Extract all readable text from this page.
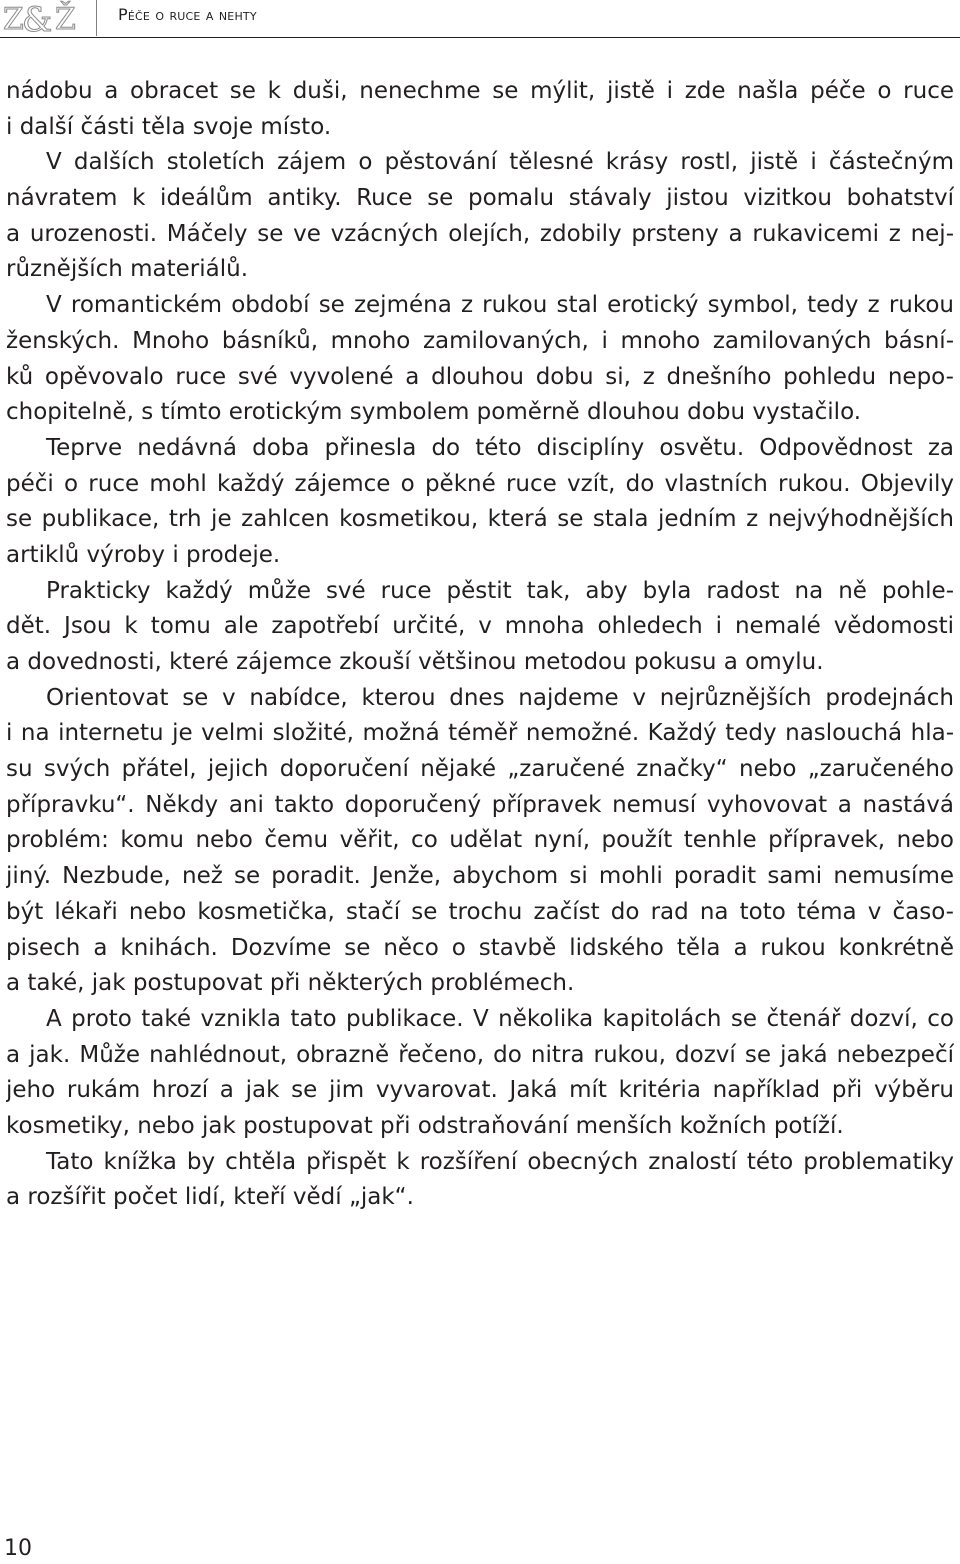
Z
& Ž	Péče o ruce a nehty
nádobu a obracet se k duši, nenechme se mýlit, jistě i zde našla péče o ruce
i další části těla svoje místo.
V dalších stoletích zájem o pěstování tělesné krásy rostl, jistě i částečným
návratem k ideálům antiky. Ruce se pomalu stávaly jistou vizitkou bohatství
a urozenosti. Máčely se ve vzácných olejích, zdobily prsteny a rukavicemi z nej-
různějších materiálů.
V romantickém období se zejména z rukou stal erotický symbol, tedy z rukou
ženských. Mnoho básníků, mnoho zamilovaných, i mnoho zamilovaných básní-
ků opěvovalo ruce své vyvolené a dlouhou dobu si, z dnešního pohledu nepo-
chopitelně, s tímto erotickým symbolem poměrně dlouhou dobu vystačilo.
Teprve nedávná doba přinesla do této disciplíny osvětu. Odpovědnost za
péči o ruce mohl každý zájemce o pěkné ruce vzít, do vlastních rukou. Objevily
se publikace, trh je zahlcen kosmetikou, která se stala jedním z nejvýhodnějších
artiklů výroby i prodeje.
Prakticky každý může své ruce pěstit tak, aby byla radost na ně pohle-
dět. Jsou k tomu ale zapotřebí určité, v mnoha ohledech i nemalé vědomosti
a dovednosti, které zájemce zkouší většinou metodou pokusu a omylu.
Orientovat se v nabídce, kterou dnes najdeme v nejrůznějších prodejnách
i na internetu je velmi složité, možná téměř nemožné. Každý tedy naslouchá hla-
su svých přátel, jejich doporučení nějaké „zaručené značky“ nebo „zaručeného
přípravku“. Někdy ani takto doporučený přípravek nemusí vyhovovat a nastává
problém: komu nebo čemu věřit, co udělat nyní, použít tenhle přípravek, nebo
jiný. Nezbude, než se poradit. Jenže, abychom si mohli poradit sami nemusíme
být lékaři nebo kosmetička, stačí se trochu začíst do rad na toto téma v časo-
pisech a knihách. Dozvíme se něco o stavbě lidského těla a rukou konkrétně
a také, jak postupovat při některých problémech.
A proto také vznikla tato publikace. V několika kapitolách se čtenář dozví, co
a jak. Může nahlédnout, obrazně řečeno, do nitra rukou, dozví se jaká nebezpečí
jeho rukám hrozí a jak se jim vyvarovat. Jaká mít kritéria například při výběru
kosmetiky, nebo jak postupovat při odstraňování menších kožních potíží.
Tato knížka by chtěla přispět k rozšíření obecných znalostí této problematiky
a rozšířit počet lidí, kteří vědí „jak“.
10
